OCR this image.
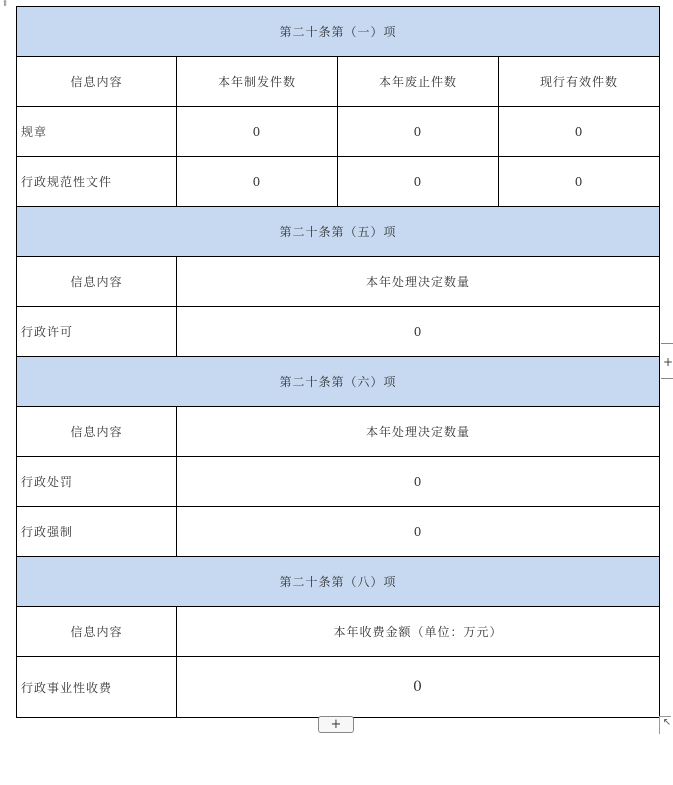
⇕
第二十条第（一）项			
信息内容	本年制发件数	本年废止件数	现行有效件数
规章	0	0	0
行政规范性文件	0	0	0
第二十条第（五）项			
信息内容	本年处理决定数量		
行政许可	0		
第二十条第（六）项			
信息内容	本年处理决定数量		
行政处罚	0		
行政强制	0		
第二十条第（八）项			
信息内容	本年收费金额（单位：万元）		
行政事业性收费	0		
+
+	↖
